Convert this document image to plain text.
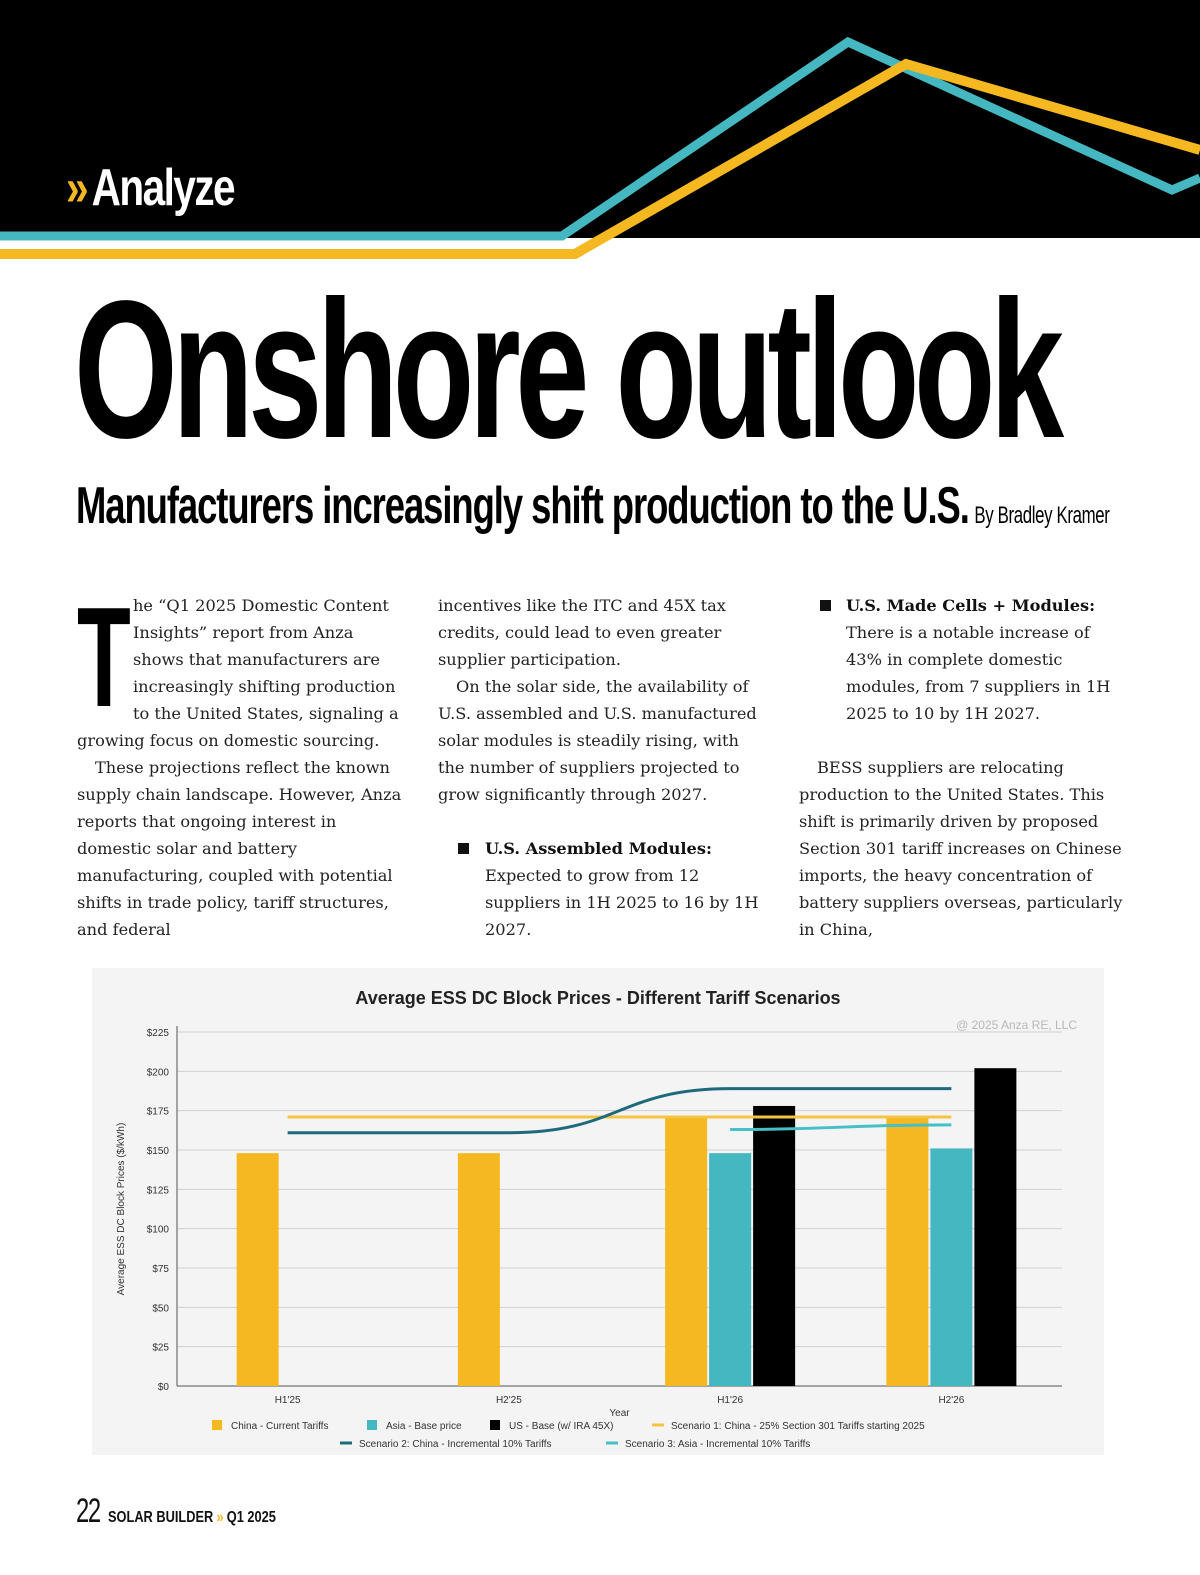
»Analyze
Onshore outlook
Manufacturers increasingly shift production to the U.S. By Bradley Kramer

The “Q1 2025 Domestic Content Insights” report from Anza shows that manufacturers are increasingly shifting production to the United States, signaling a growing focus on domestic sourcing.

These projections reflect the known supply chain landscape. However, Anza reports that ongoing interest in domestic solar and battery manufacturing, coupled with potential shifts in trade policy, tariff structures, and federal

incentives like the ITC and 45X tax credits, could lead to even greater supplier participation.

On the solar side, the availability of U.S. assembled and U.S. manufactured solar modules is steadily rising, with the number of suppliers projected to grow significantly through 2027.

U.S. Assembled Modules: Expected to grow from 12 suppliers in 1H 2025 to 16 by 1H 2027.

U.S. Made Cells + Modules: There is a notable increase of 43% in complete domestic modules, from 7 suppliers in 1H 2025 to 10 by 1H 2027.

BESS suppliers are relocating production to the United States. This shift is primarily driven by proposed Section 301 tariff increases on Chinese imports, the heavy concentration of battery suppliers overseas, particularly in China,

Average ESS DC Block Prices - Different Tariff Scenarios
@ 2025 Anza RE, LLC
$0
$25
$50
$75
$100
$125
$150
$175
$200
$225
Average ESS DC Block Prices ($/kWh)
H1'25	H2'25	H1'26	H2'26
Year
China - Current Tariffs	Asia - Base price	US - Base (w/ IRA 45X)	Scenario 1: China - 25% Section 301 Tariffs starting 2025
Scenario 2: China - Incremental 10% Tariffs	Scenario 3: Asia - Incremental 10% Tariffs
22 SOLAR BUILDER » Q1 2025
